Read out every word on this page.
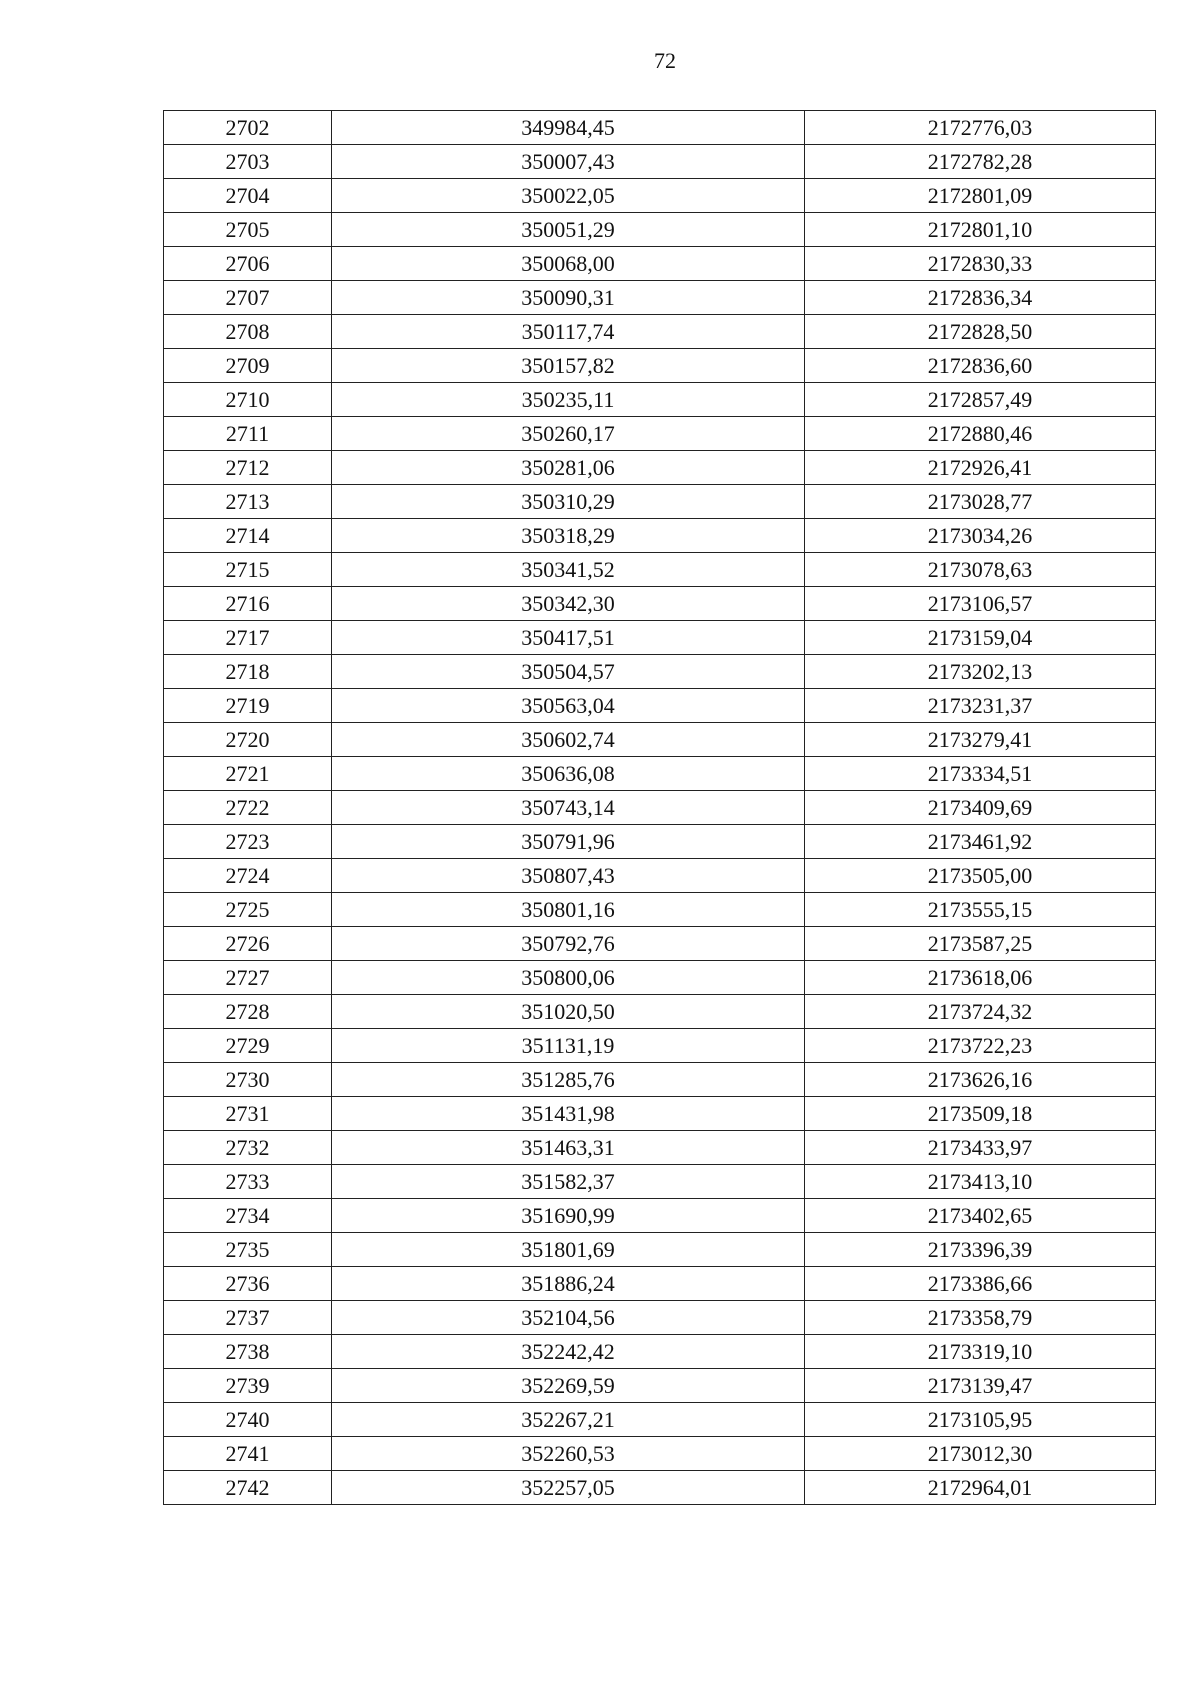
72
2702	349984,45	2172776,03
2703	350007,43	2172782,28
2704	350022,05	2172801,09
2705	350051,29	2172801,10
2706	350068,00	2172830,33
2707	350090,31	2172836,34
2708	350117,74	2172828,50
2709	350157,82	2172836,60
2710	350235,11	2172857,49
2711	350260,17	2172880,46
2712	350281,06	2172926,41
2713	350310,29	2173028,77
2714	350318,29	2173034,26
2715	350341,52	2173078,63
2716	350342,30	2173106,57
2717	350417,51	2173159,04
2718	350504,57	2173202,13
2719	350563,04	2173231,37
2720	350602,74	2173279,41
2721	350636,08	2173334,51
2722	350743,14	2173409,69
2723	350791,96	2173461,92
2724	350807,43	2173505,00
2725	350801,16	2173555,15
2726	350792,76	2173587,25
2727	350800,06	2173618,06
2728	351020,50	2173724,32
2729	351131,19	2173722,23
2730	351285,76	2173626,16
2731	351431,98	2173509,18
2732	351463,31	2173433,97
2733	351582,37	2173413,10
2734	351690,99	2173402,65
2735	351801,69	2173396,39
2736	351886,24	2173386,66
2737	352104,56	2173358,79
2738	352242,42	2173319,10
2739	352269,59	2173139,47
2740	352267,21	2173105,95
2741	352260,53	2173012,30
2742	352257,05	2172964,01
